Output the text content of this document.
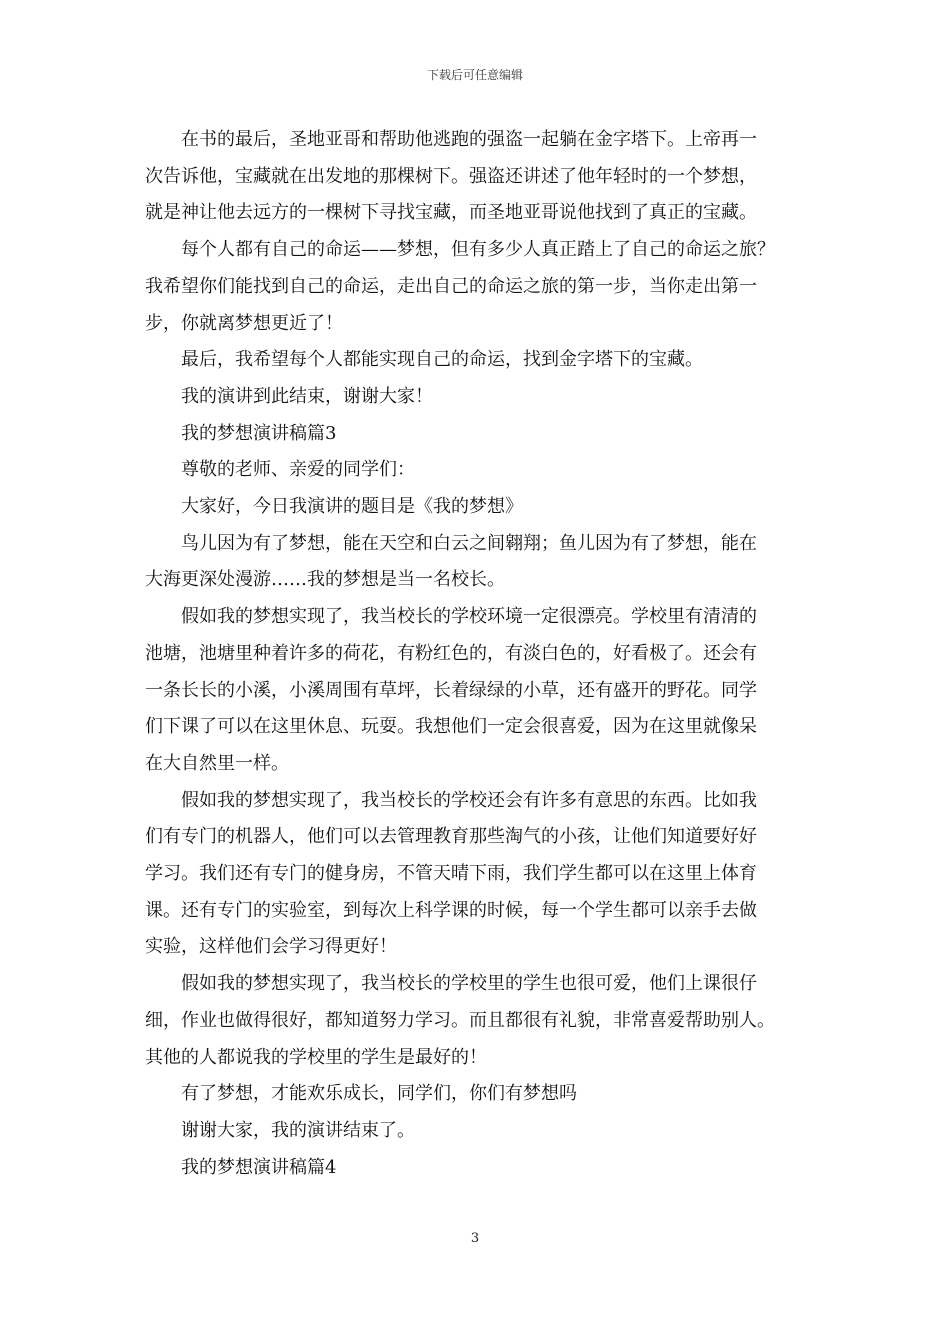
下载后可任意编辑

在书的最后，圣地亚哥和帮助他逃跑的强盗一起躺在金字塔下。上帝再一

次告诉他，宝藏就在出发地的那棵树下。强盗还讲述了他年轻时的一个梦想，

就是神让他去远方的一棵树下寻找宝藏，而圣地亚哥说他找到了真正的宝藏。

每个人都有自己的命运——梦想，但有多少人真正踏上了自己的命运之旅？

我希望你们能找到自己的命运，走出自己的命运之旅的第一步，当你走出第一

步，你就离梦想更近了！

最后，我希望每个人都能实现自己的命运，找到金字塔下的宝藏。

我的演讲到此结束，谢谢大家！

我的梦想演讲稿篇3

尊敬的老师、亲爱的同学们：

大家好，今日我演讲的题目是《我的梦想》

鸟儿因为有了梦想，能在天空和白云之间翱翔；鱼儿因为有了梦想，能在

大海更深处漫游……我的梦想是当一名校长。

假如我的梦想实现了，我当校长的学校环境一定很漂亮。学校里有清清的

池塘，池塘里种着许多的荷花，有粉红色的，有淡白色的，好看极了。还会有

一条长长的小溪，小溪周围有草坪，长着绿绿的小草，还有盛开的野花。同学

们下课了可以在这里休息、玩耍。我想他们一定会很喜爱，因为在这里就像呆

在大自然里一样。

假如我的梦想实现了，我当校长的学校还会有许多有意思的东西。比如我

们有专门的机器人，他们可以去管理教育那些淘气的小孩，让他们知道要好好

学习。我们还有专门的健身房，不管天晴下雨，我们学生都可以在这里上体育

课。还有专门的实验室，到每次上科学课的时候，每一个学生都可以亲手去做

实验，这样他们会学习得更好！

假如我的梦想实现了，我当校长的学校里的学生也很可爱，他们上课很仔

细，作业也做得很好，都知道努力学习。而且都很有礼貌，非常喜爱帮助别人。

其他的人都说我的学校里的学生是最好的！

有了梦想，才能欢乐成长，同学们，你们有梦想吗

谢谢大家，我的演讲结束了。

我的梦想演讲稿篇4

3
